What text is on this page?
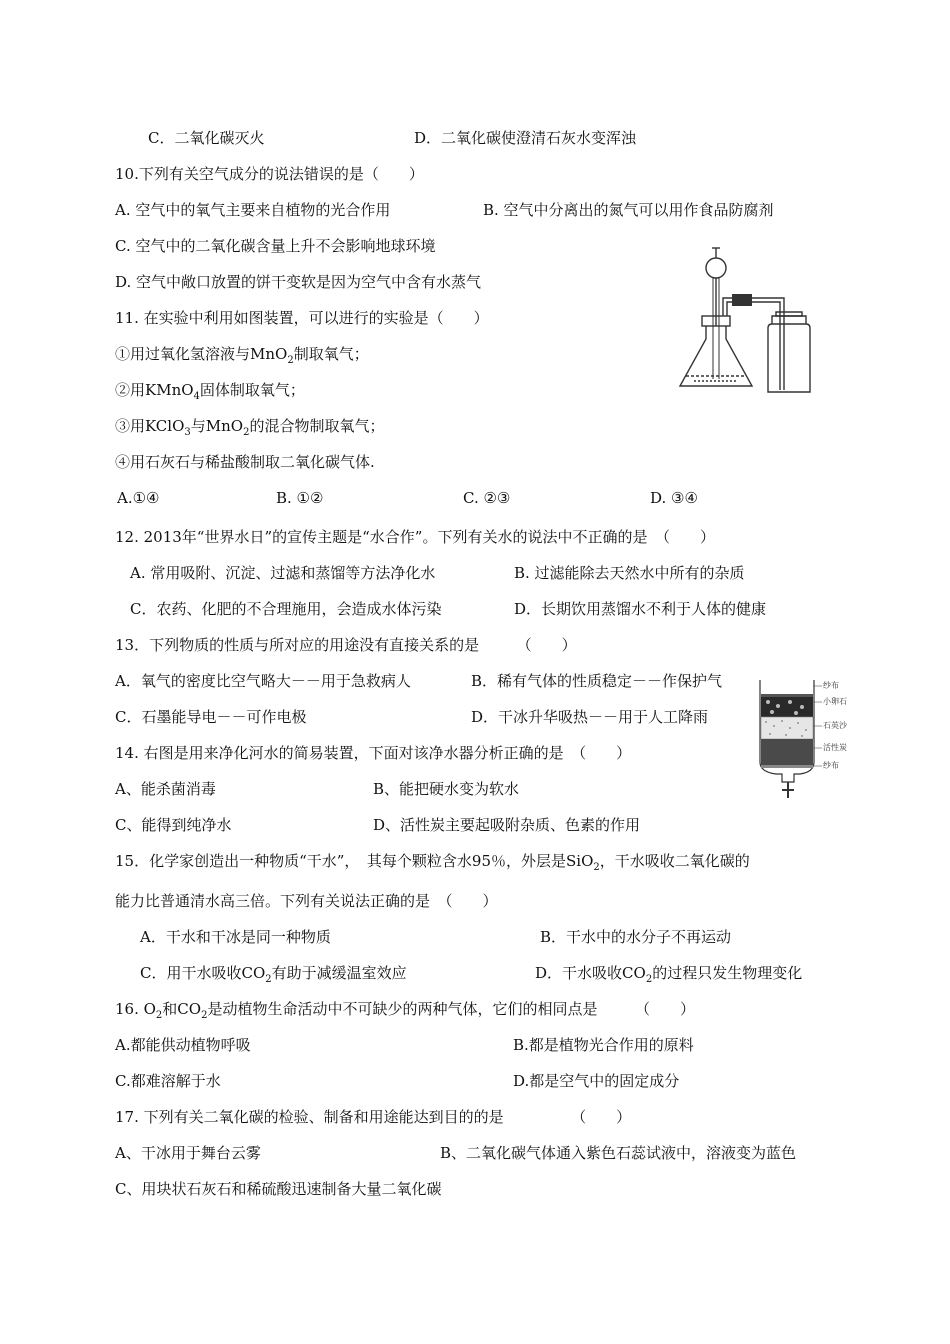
C．二氧化碳灭火	D．二氧化碳使澄清石灰水变浑浊
10.下列有关空气成分的说法错误的是（　　）
A. 空气中的氧气主要来自植物的光合作用	B. 空气中分离出的氮气可以用作食品防腐剂
C. 空气中的二氧化碳含量上升不会影响地球环境
D. 空气中敞口放置的饼干变软是因为空气中含有水蒸气
11. 在实验中利用如图装置，可以进行的实验是（　　）
①用过氧化氢溶液与MnO$_2$制取氧气；
②用KMnO$_4$固体制取氧气；
③用KClO$_3$与MnO$_2$的混合物制取氧气；
④用石灰石与稀盐酸制取二氧化碳气体.
A.①④	B. ①②	C. ②③	D. ③④
12. 2013年“世界水日”的宣传主题是“水合作”。下列有关水的说法中不正确的是　（　　）
A. 常用吸附、沉淀、过滤和蒸馏等方法净化水	B. 过滤能除去天然水中所有的杂质
C．农药、化肥的不合理施用，会造成水体污染	D．长期饮用蒸馏水不利于人体的健康
13．下列物质的性质与所对应的用途没有直接关系的是　　　（　　）
A．氧气的密度比空气略大－－用于急救病人	B．稀有气体的性质稳定－－作保护气
C．石墨能导电－－可作电极	D．干冰升华吸热－－用于人工降雨
14. 右图是用来净化河水的简易装置，下面对该净水器分析正确的是　（　　）
A、能杀菌消毒	B、能把硬水变为软水
C、能得到纯净水	D、活性炭主要起吸附杂质、色素的作用
纱布
小卵石
石英沙
活性炭
纱布
15．化学家创造出一种物质“干水”，　其每个颗粒含水95％，外层是SiO$_2$，干水吸收二氧化碳的
能力比普通清水高三倍。下列有关说法正确的是　（　　）
A．干水和干冰是同一种物质	B．干水中的水分子不再运动
C．用干水吸收$CO_2$有助于减缓温室效应	D．干水吸收$CO_2$的过程只发生物理变化
16. $O_2$和$CO_2$是动植物生命活动中不可缺少的两种气体，它们的相同点是　　　（　　）
A.都能供动植物呼吸	B.都是植物光合作用的原料
C.都难溶解于水	D.都是空气中的固定成分
17. 下列有关二氧化碳的检验、制备和用途能达到目的的是　　　　　（　　）
A、干冰用于舞台云雾	B、二氧化碳气体通入紫色石蕊试液中，溶液变为蓝色
C、用块状石灰石和稀硫酸迅速制备大量二氧化碳
